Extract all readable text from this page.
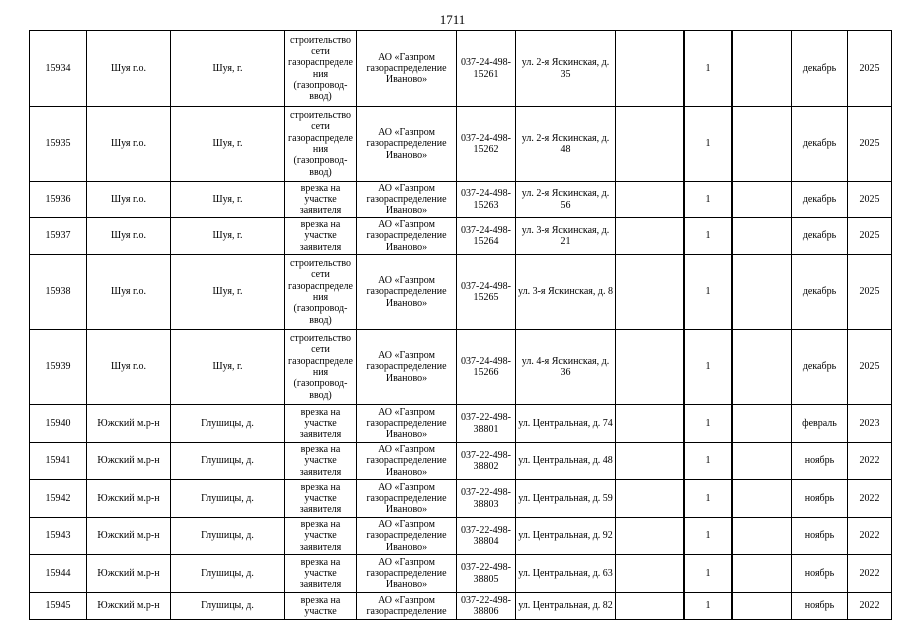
1711
15934	Шуя г.о.	Шуя, г.	строительство сети газораспределения (газопровод-ввод)	АО «Газпром газораспределение Иваново»	037-24-498-15261	ул. 2-я Яскинская, д. 35		1		декабрь	2025
15935	Шуя г.о.	Шуя, г.	строительство сети газораспределения (газопровод-ввод)	АО «Газпром газораспределение Иваново»	037-24-498-15262	ул. 2-я Яскинская, д. 48		1		декабрь	2025
15936	Шуя г.о.	Шуя, г.	врезка на участке заявителя	АО «Газпром газораспределение Иваново»	037-24-498-15263	ул. 2-я Яскинская, д. 56		1		декабрь	2025
15937	Шуя г.о.	Шуя, г.	врезка на участке заявителя	АО «Газпром газораспределение Иваново»	037-24-498-15264	ул. 3-я Яскинская, д. 21		1		декабрь	2025
15938	Шуя г.о.	Шуя, г.	строительство сети газораспределения (газопровод-ввод)	АО «Газпром газораспределение Иваново»	037-24-498-15265	ул. 3-я Яскинская, д. 8		1		декабрь	2025
15939	Шуя г.о.	Шуя, г.	строительство сети газораспределения (газопровод-ввод)	АО «Газпром газораспределение Иваново»	037-24-498-15266	ул. 4-я Яскинская, д. 36		1		декабрь	2025
15940	Южский м.р-н	Глушицы, д.	врезка на участке заявителя	АО «Газпром газораспределение Иваново»	037-22-498-38801	ул. Центральная, д. 74		1		февраль	2023
15941	Южский м.р-н	Глушицы, д.	врезка на участке заявителя	АО «Газпром газораспределение Иваново»	037-22-498-38802	ул. Центральная, д. 48		1		ноябрь	2022
15942	Южский м.р-н	Глушицы, д.	врезка на участке заявителя	АО «Газпром газораспределение Иваново»	037-22-498-38803	ул. Центральная, д. 59		1		ноябрь	2022
15943	Южский м.р-н	Глушицы, д.	врезка на участке заявителя	АО «Газпром газораспределение Иваново»	037-22-498-38804	ул. Центральная, д. 92		1		ноябрь	2022
15944	Южский м.р-н	Глушицы, д.	врезка на участке заявителя	АО «Газпром газораспределение Иваново»	037-22-498-38805	ул. Центральная, д. 63		1		ноябрь	2022
15945	Южский м.р-н	Глушицы, д.	врезка на участке	АО «Газпром газораспределение	037-22-498-38806	ул. Центральная, д. 82		1		ноябрь	2022
